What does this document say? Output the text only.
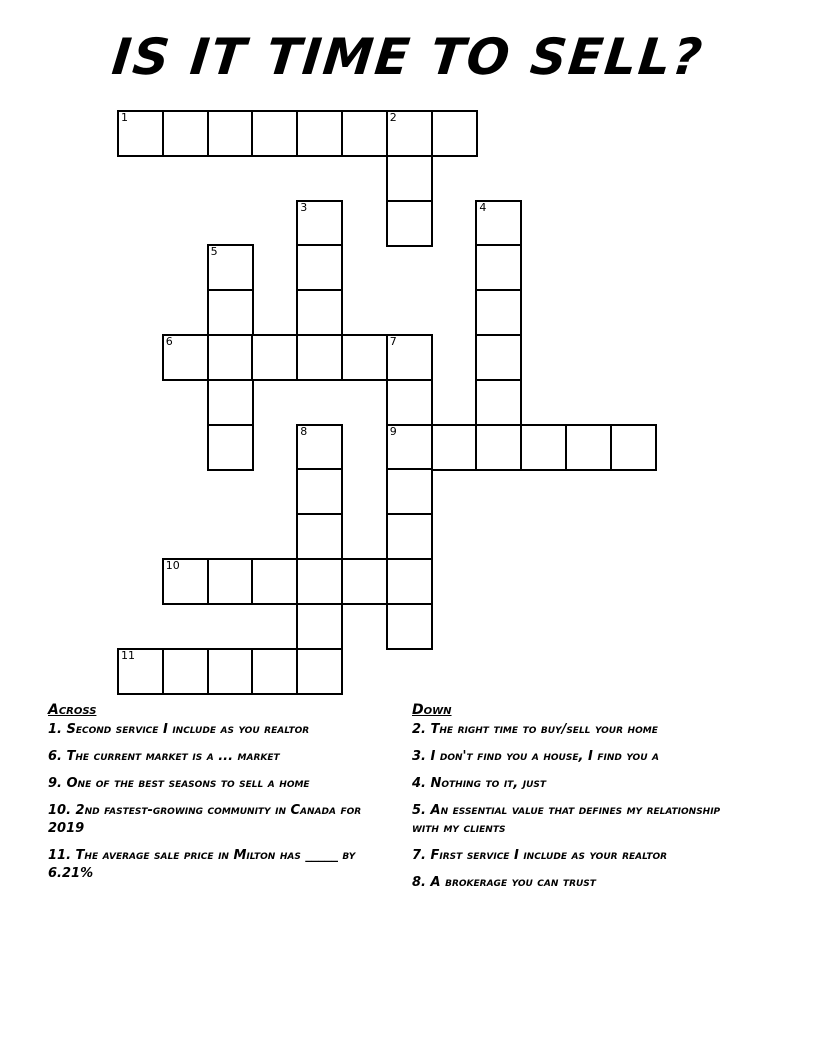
IS IT TIME TO SELL?
1	2
3	4
5
6	7
9
8
10
11
Across
1. Second service I include as you realtor
6. The current market is a ... market
9. One of the best seasons to sell a home
10. 2nd fastest-growing community in Canada for 2019
11. The average sale price in Milton has _____ by 6.21%
Down
2. The right time to buy/sell your home
3. I don't find you a house, I find you a
4. Nothing to it, just
5. An essential value that defines my relationship with my clients
7. First service I include as your realtor
8. A brokerage you can trust
